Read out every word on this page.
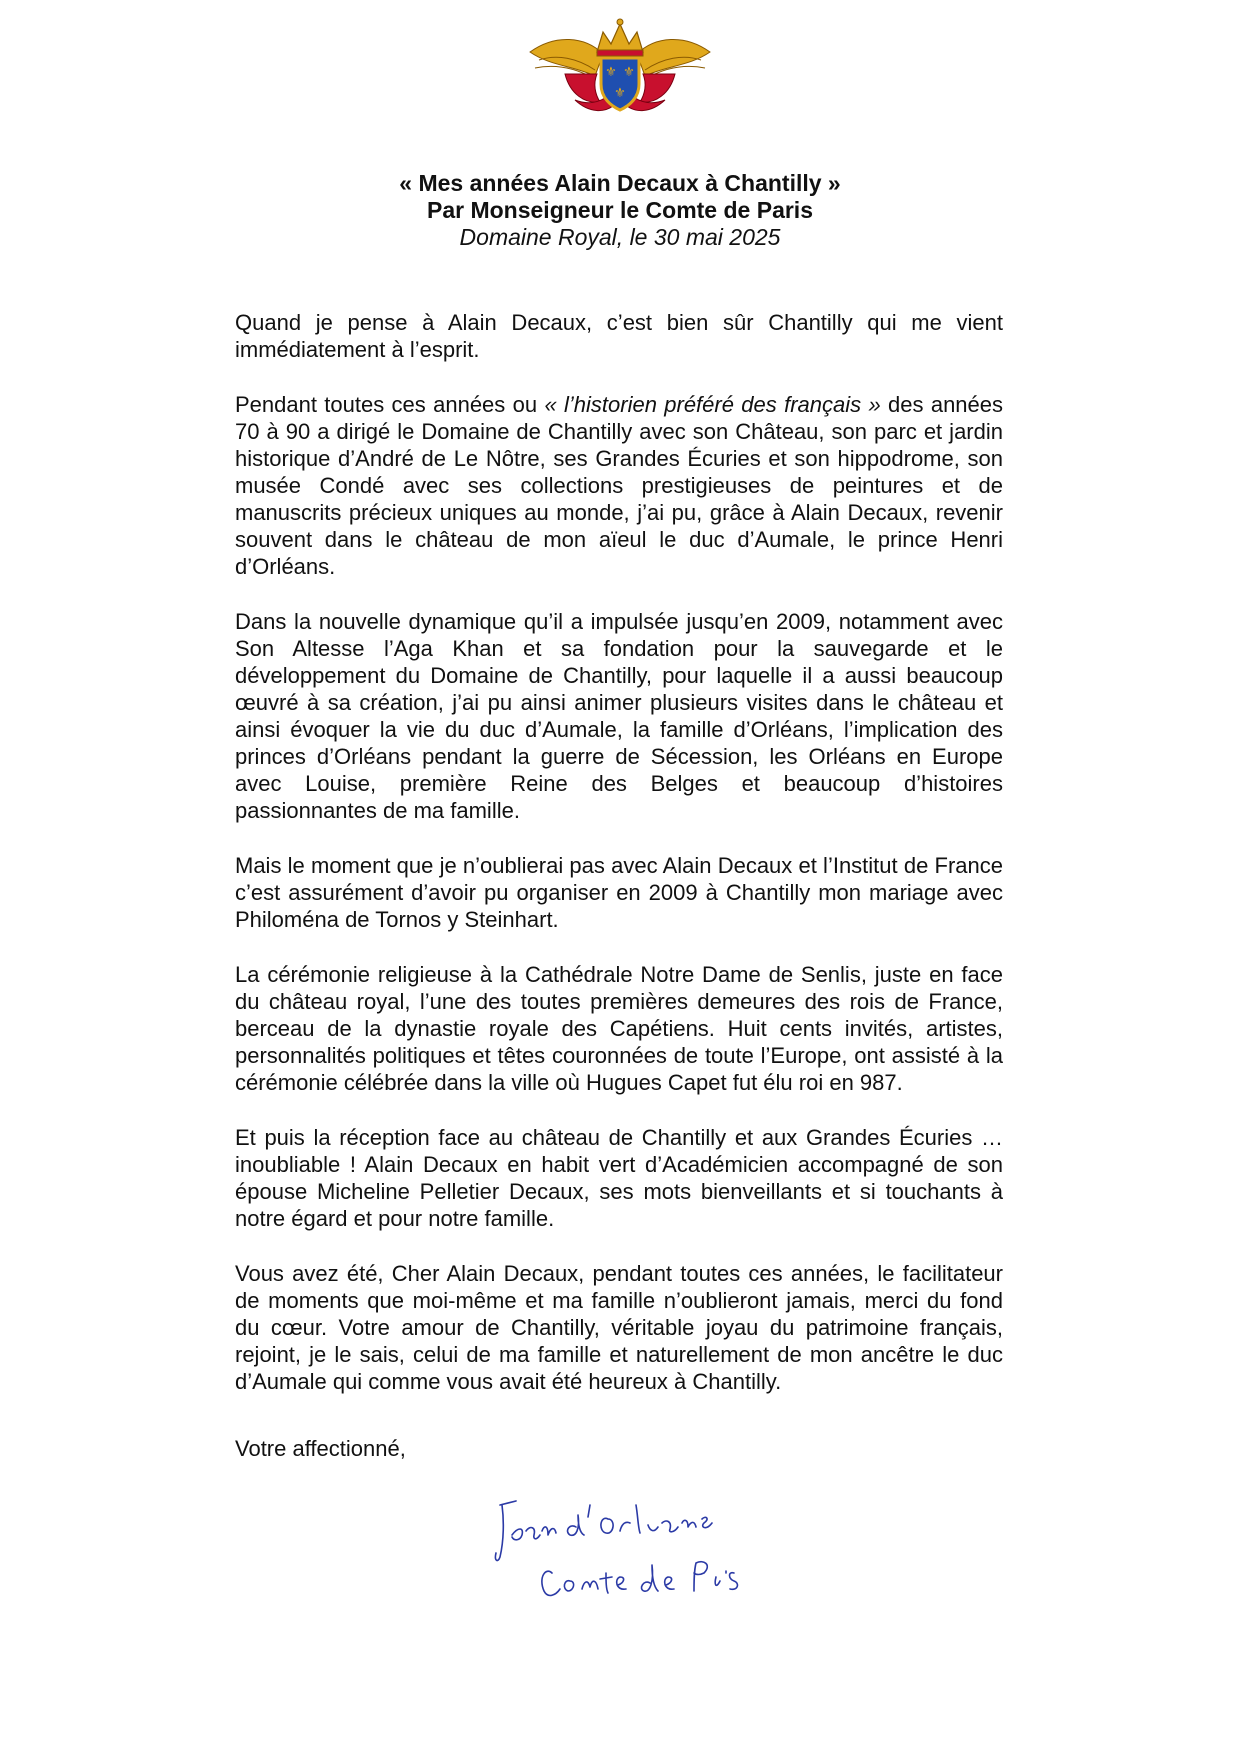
⚜ ⚜
⚜
« Mes années Alain Decaux à Chantilly »
Par Monseigneur le Comte de Paris
Domaine Royal, le 30 mai 2025

Quand je pense à Alain Decaux, c’est bien sûr Chantilly qui me vient immédiatement à l’esprit.

Pendant toutes ces années ou « l’historien préféré des français » des années 70 à 90 a dirigé le Domaine de Chantilly avec son Château, son parc et jardin historique d’André de Le Nôtre, ses Grandes Écuries et son hippodrome, son musée Condé avec ses collections prestigieuses de peintures et de manuscrits précieux uniques au monde, j’ai pu, grâce à Alain Decaux, revenir souvent dans le château de mon aïeul le duc d’Aumale, le prince Henri d’Orléans.

Dans la nouvelle dynamique qu’il a impulsée jusqu’en 2009, notamment avec Son Altesse l’Aga Khan et sa fondation pour la sauvegarde et le développement du Domaine de Chantilly, pour laquelle il a aussi beaucoup œuvré à sa création, j’ai pu ainsi animer plusieurs visites dans le château et ainsi évoquer la vie du duc d’Aumale, la famille d’Orléans, l’implication des princes d’Orléans pendant la guerre de Sécession, les Orléans en Europe avec Louise, première Reine des Belges et beaucoup d’histoires passionnantes de ma famille.

Mais le moment que je n’oublierai pas avec Alain Decaux et l’Institut de France c’est assurément d’avoir pu organiser en 2009 à Chantilly mon mariage avec Philoména de Tornos y Steinhart.

La cérémonie religieuse à la Cathédrale Notre Dame de Senlis, juste en face du château royal, l’une des toutes premières demeures des rois de France, berceau de la dynastie royale des Capétiens. Huit cents invités, artistes, personnalités politiques et têtes couronnées de toute l’Europe, ont assisté à la cérémonie célébrée dans la ville où Hugues Capet fut élu roi en 987.

Et puis la réception face au château de Chantilly et aux Grandes Écuries … inoubliable ! Alain Decaux en habit vert d’Académicien accompagné de son épouse Micheline Pelletier Decaux, ses mots bienveillants et si touchants à notre égard et pour notre famille.

Vous avez été, Cher Alain Decaux, pendant toutes ces années, le facilitateur de moments que moi-même et ma famille n’oublieront jamais, merci du fond du cœur. Votre amour de Chantilly, véritable joyau du patrimoine français, rejoint, je le sais, celui de ma famille et naturellement de mon ancêtre le duc d’Aumale qui comme vous avait été heureux à Chantilly.

Votre affectionné,
